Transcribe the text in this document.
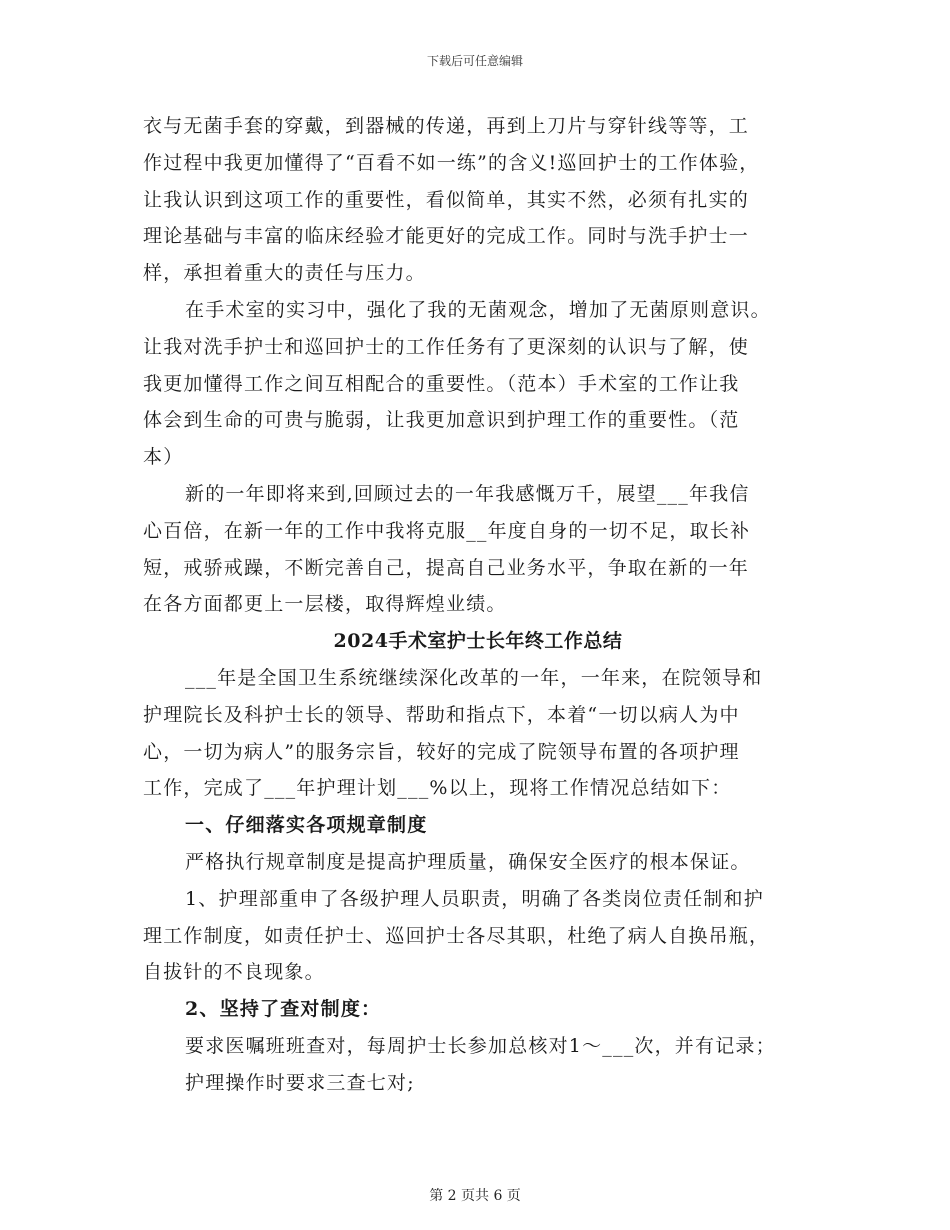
下载后可任意编辑
衣与无菌手套的穿戴，到器械的传递，再到上刀片与穿针线等等，工
作过程中我更加懂得了“百看不如一练”的含义!巡回护士的工作体验，
让我认识到这项工作的重要性，看似简单，其实不然，必须有扎实的
理论基础与丰富的临床经验才能更好的完成工作。同时与洗手护士一
样，承担着重大的责任与压力。
在手术室的实习中，强化了我的无菌观念，增加了无菌原则意识。
让我对洗手护士和巡回护士的工作任务有了更深刻的认识与了解，使
我更加懂得工作之间互相配合的重要性。（范本）手术室的工作让我
体会到生命的可贵与脆弱，让我更加意识到护理工作的重要性。（范
本）
新的一年即将来到,回顾过去的一年我感慨万千，展望___年我信
心百倍，在新一年的工作中我将克服__年度自身的一切不足，取长补
短，戒骄戒躁，不断完善自己，提高自己业务水平，争取在新的一年
在各方面都更上一层楼，取得辉煌业绩。
2024手术室护士长年终工作总结
___年是全国卫生系统继续深化改革的一年，一年来，在院领导和
护理院长及科护士长的领导、帮助和指点下，本着“一切以病人为中
心，一切为病人”的服务宗旨，较好的完成了院领导布置的各项护理
工作，完成了___年护理计划___%以上，现将工作情况总结如下：
一、仔细落实各项规章制度
严格执行规章制度是提高护理质量，确保安全医疗的根本保证。
1、护理部重申了各级护理人员职责，明确了各类岗位责任制和护
理工作制度，如责任护士、巡回护士各尽其职，杜绝了病人自换吊瓶，
自拔针的不良现象。
2、坚持了查对制度：
要求医嘱班班查对，每周护士长参加总核对1～___次，并有记录；
护理操作时要求三查七对;
第 2 页共 6 页
